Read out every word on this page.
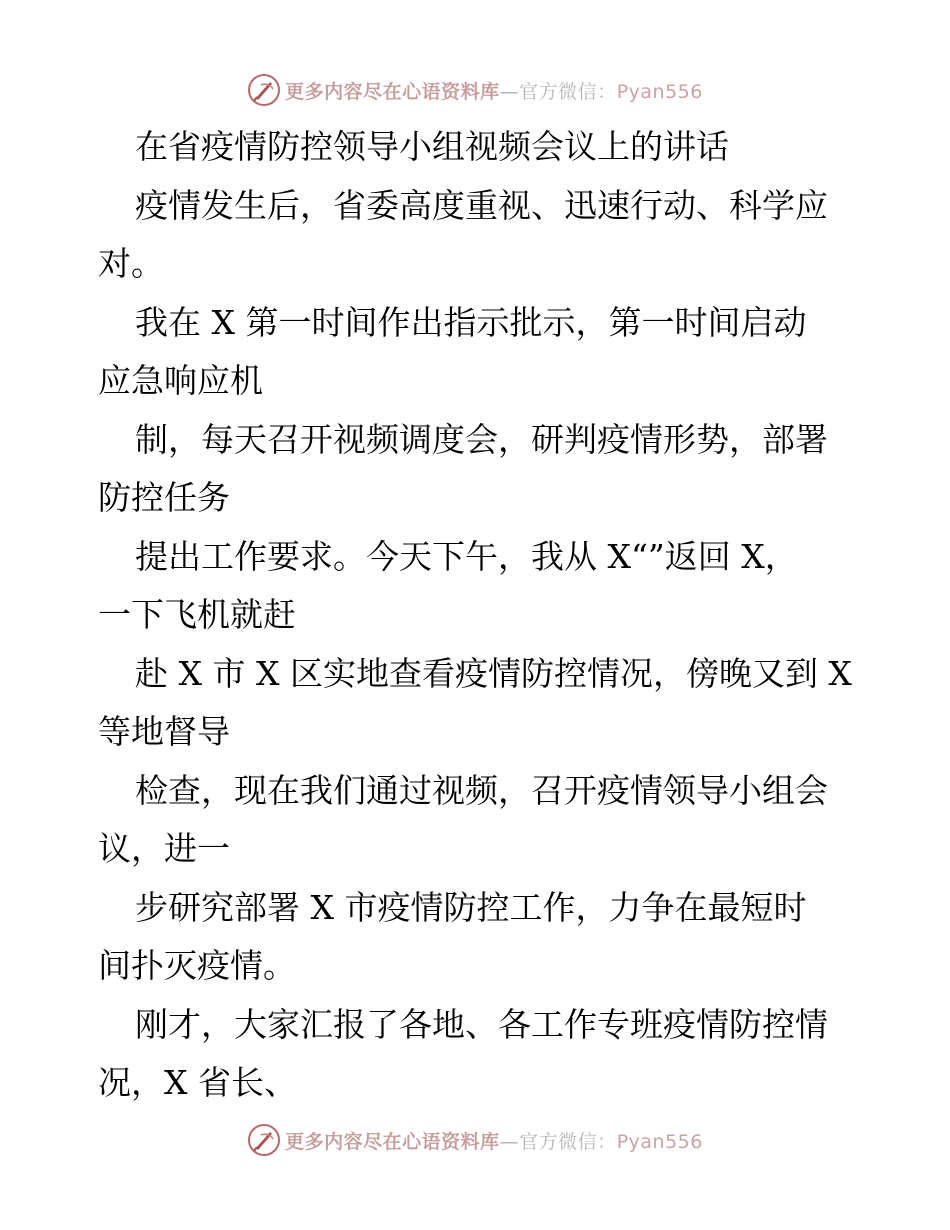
更多内容尽在心语资料库—官方微信：Pyan556

在省疫情防控领导小组视频会议上的讲话

疫情发生后，省委高度重视、迅速行动、科学应

对。

我在 X 第一时间作出指示批示，第一时间启动

应急响应机

制，每天召开视频调度会，研判疫情形势，部署

防控任务

提出工作要求。今天下午，我从 X“”返回 X，

一下飞机就赶

赴 X 市 X 区实地查看疫情防控情况，傍晚又到 X

等地督导

检查，现在我们通过视频，召开疫情领导小组会

议，进一

步研究部署 X 市疫情防控工作，力争在最短时

间扑灭疫情。

刚才，大家汇报了各地、各工作专班疫情防控情

况，X 省长、

更多内容尽在心语资料库—官方微信：Pyan556
